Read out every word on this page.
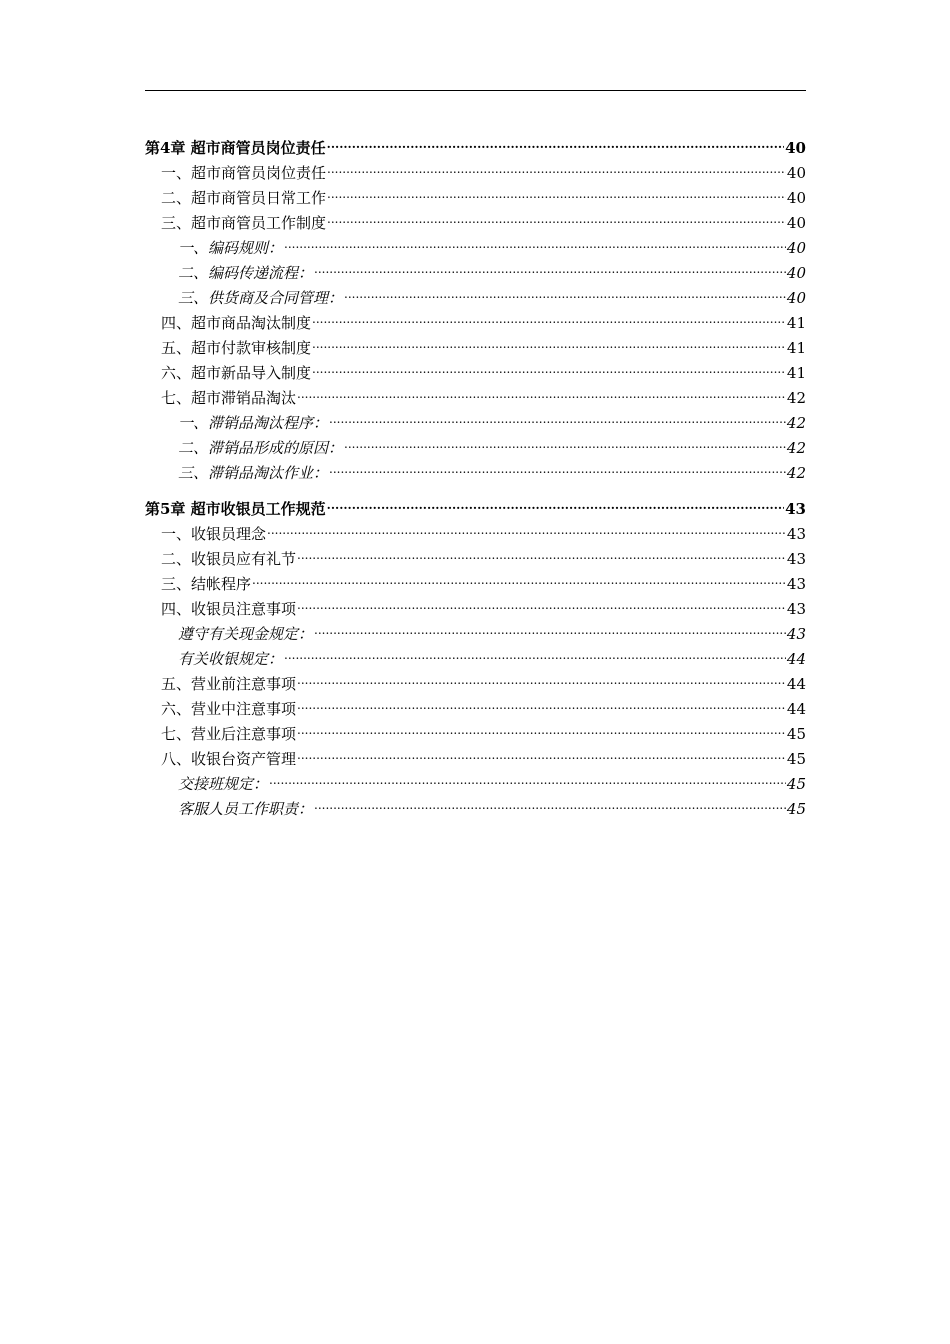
第4章 超市商管员岗位责任 .....	40
一、超市商管员岗位责任 .....	40
二、超市商管员日常工作 .....	40
三、超市商管员工作制度 .....	40
一、编码规则： .....	40
二、编码传递流程： .....	40
三、供货商及合同管理： .....	40
四、超市商品淘汰制度 .....	41
五、超市付款审核制度 .....	41
六、超市新品导入制度 .....	41
七、超市滞销品淘汰 .....	42
一、滞销品淘汰程序： .....	42
二、滞销品形成的原因： .....	42
三、滞销品淘汰作业： .....	42
第5章 超市收银员工作规范 .....	43
一、收银员理念 .....	43
二、收银员应有礼节 .....	43
三、结帐程序 .....	43
四、收银员注意事项 .....	43
遵守有关现金规定： .....	43
有关收银规定： .....	44
五、营业前注意事项 .....	44
六、营业中注意事项 .....	44
七、营业后注意事项 .....	45
八、收银台资产管理 .....	45
交接班规定： .....	45
客服人员工作职责： .....	45
